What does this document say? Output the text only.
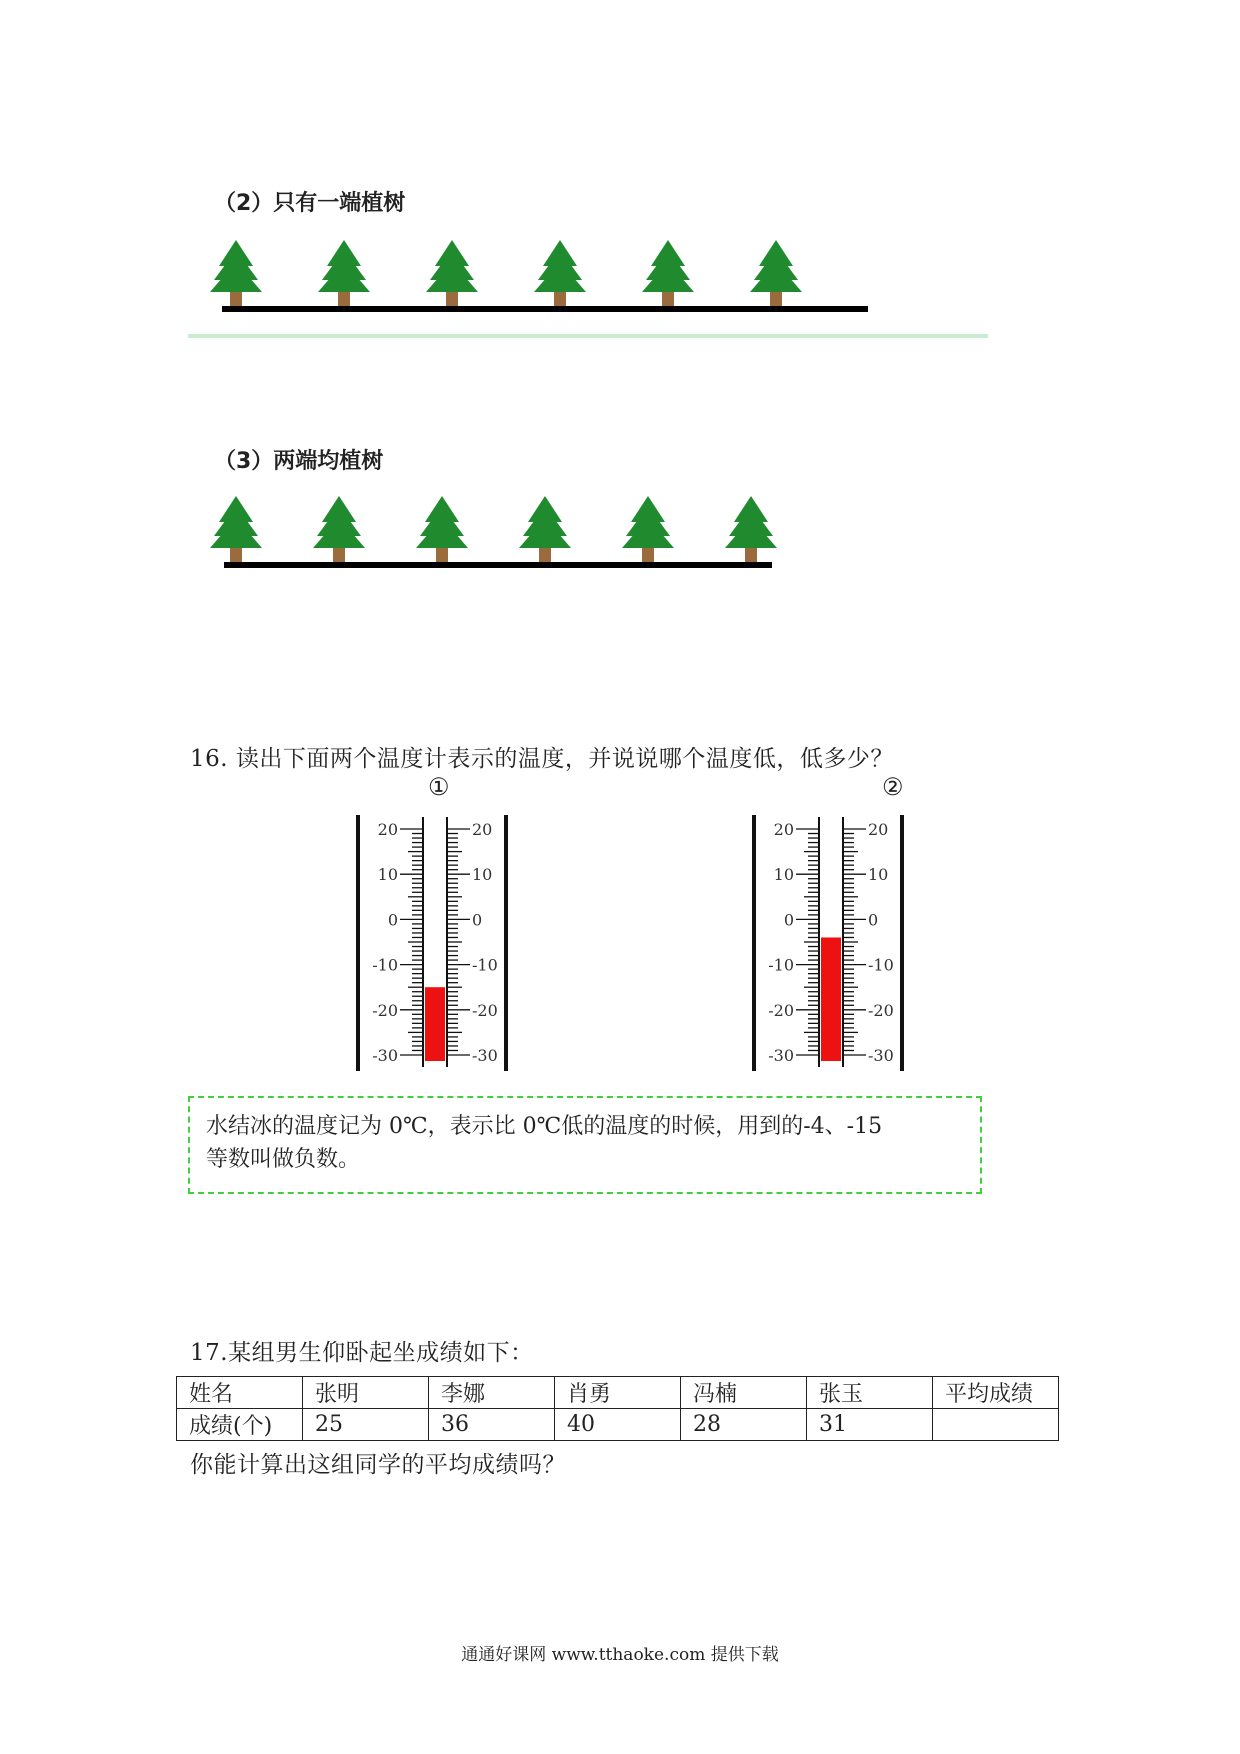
（2）只有一端植树
（3）两端均植树
16. 读出下面两个温度计表示的温度，并说说哪个温度低，低多少？
①	②
20	20
10	10
0	0
-10	-10
-20	-20
-30	-30
20	20
10	10
0	0
-10	-10
-20	-20
-30	-30
水结冰的温度记为 0℃，表示比 0℃低的温度的时候，用到的-4、-15
等数叫做负数。
17.某组男生仰卧起坐成绩如下：
姓名	张明	李娜	肖勇	冯楠	张玉	平均成绩
成绩(个)	25	36	40	28	31	
你能计算出这组同学的平均成绩吗？
通通好课网 www.tthaoke.com 提供下载
